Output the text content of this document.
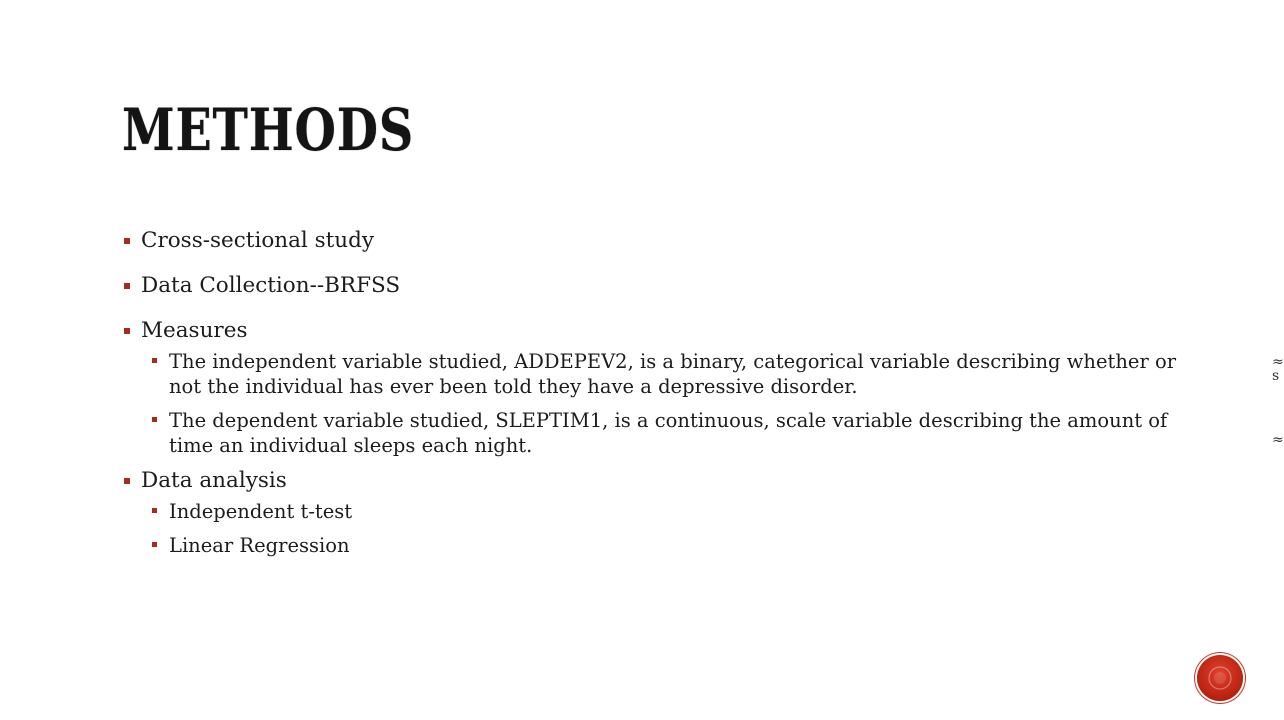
METHODS
Cross-sectional study
Data Collection--BRFSS
Measures
The independent variable studied, ADDEPEV2, is a binary, categorical variable describing whether or not the individual has ever been told they have a depressive disorder.
The dependent variable studied, SLEPTIM1, is a continuous, scale variable describing the amount of time an individual sleeps each night.
Data analysis
Independent t-test
Linear Regression
≈
s
≈
